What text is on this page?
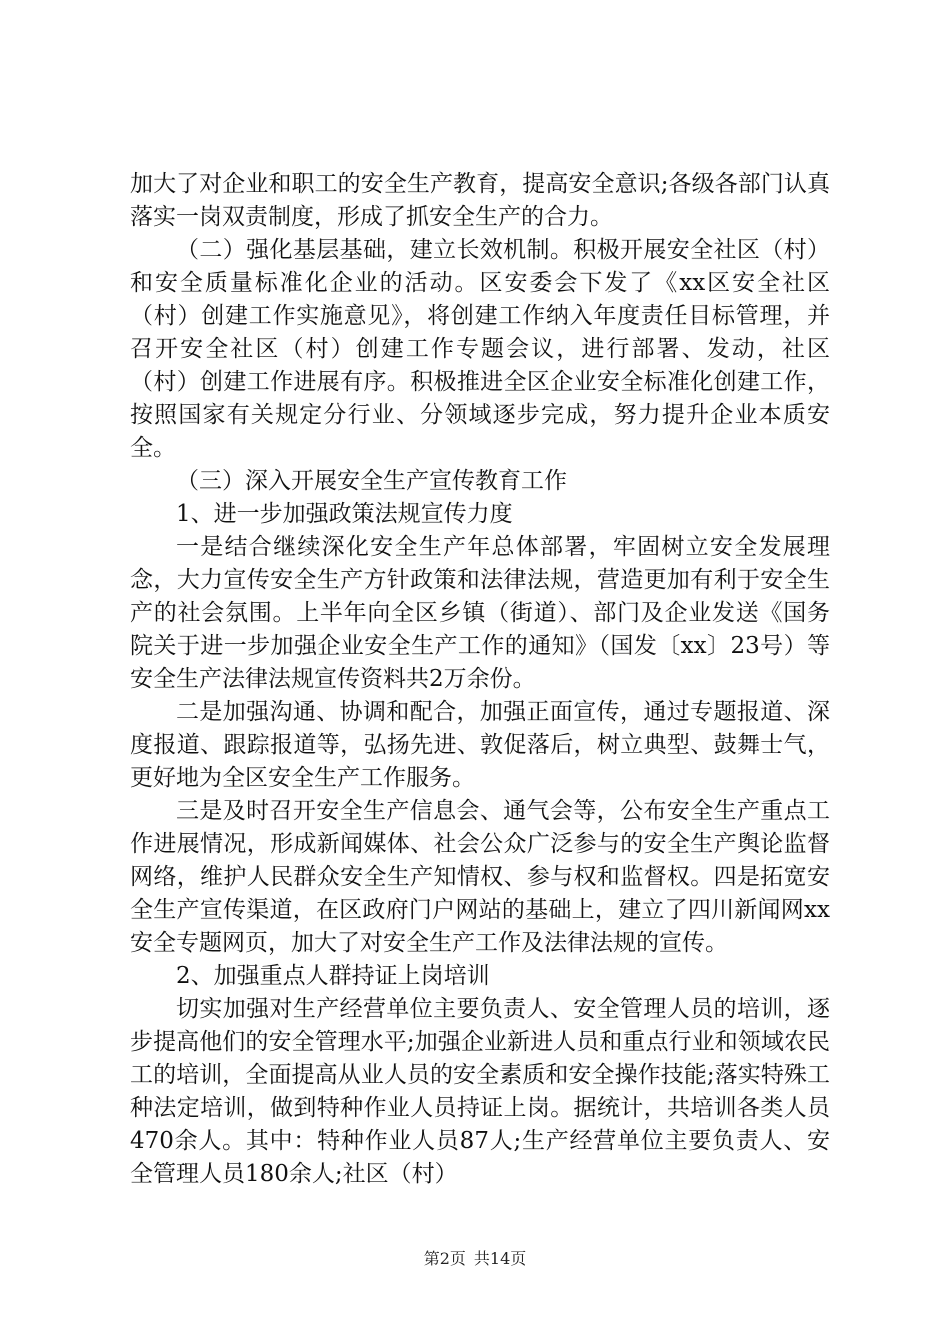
加大了对企业和职工的安全生产教育，提高安全意识;各级各部门认真落实一岗双责制度，形成了抓安全生产的合力。

（二）强化基层基础，建立长效机制。积极开展安全社区（村）和安全质量标准化企业的活动。区安委会下发了《xx区安全社区（村）创建工作实施意见》，将创建工作纳入年度责任目标管理，并召开安全社区（村）创建工作专题会议，进行部署、发动，社区（村）创建工作进展有序。积极推进全区企业安全标准化创建工作，按照国家有关规定分行业、分领域逐步完成，努力提升企业本质安全。

（三）深入开展安全生产宣传教育工作

1、进一步加强政策法规宣传力度

一是结合继续深化安全生产年总体部署，牢固树立安全发展理念，大力宣传安全生产方针政策和法律法规，营造更加有利于安全生产的社会氛围。上半年向全区乡镇（街道）、部门及企业发送《国务院关于进一步加强企业安全生产工作的通知》（国发〔xx〕23号）等安全生产法律法规宣传资料共2万余份。

二是加强沟通、协调和配合，加强正面宣传，通过专题报道、深度报道、跟踪报道等，弘扬先进、敦促落后，树立典型、鼓舞士气，更好地为全区安全生产工作服务。

三是及时召开安全生产信息会、通气会等，公布安全生产重点工作进展情况，形成新闻媒体、社会公众广泛参与的安全生产舆论监督网络，维护人民群众安全生产知情权、参与权和监督权。四是拓宽安全生产宣传渠道，在区政府门户网站的基础上，建立了四川新闻网xx安全专题网页，加大了对安全生产工作及法律法规的宣传。

2、加强重点人群持证上岗培训

切实加强对生产经营单位主要负责人、安全管理人员的培训，逐步提高他们的安全管理水平;加强企业新进人员和重点行业和领域农民工的培训，全面提高从业人员的安全素质和安全操作技能;落实特殊工种法定培训，做到特种作业人员持证上岗。据统计，共培训各类人员470余人。其中：特种作业人员87人;生产经营单位主要负责人、安全管理人员180余人;社区（村）

第2页 共14页
